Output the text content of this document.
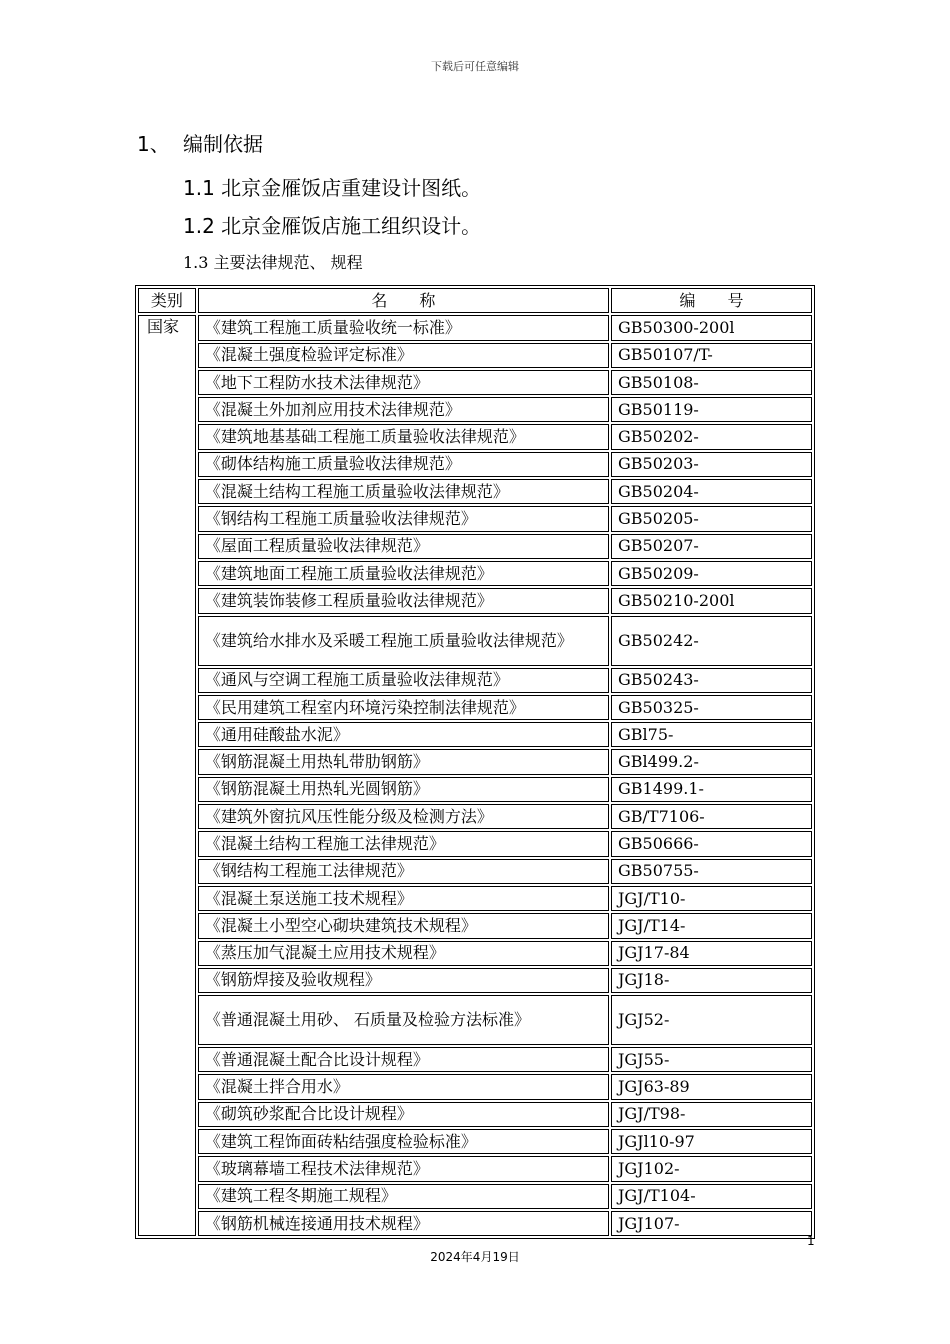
下载后可任意编辑
1、 编制依据
1.1 北京金雁饭店重建设计图纸。
1.2 北京金雁饭店施工组织设计。
1.3 主要法律规范、 规程
类别	名　　称	编　　号
国家	《建筑工程施工质量验收统一标准》	GB50300-200l
	《混凝土强度检验评定标准》	GB50107/T-
	《地下工程防水技术法律规范》	GB50108-
	《混凝土外加剂应用技术法律规范》	GB50119-
	《建筑地基基础工程施工质量验收法律规范》	GB50202-
	《砌体结构施工质量验收法律规范》	GB50203-
	《混凝土结构工程施工质量验收法律规范》	GB50204-
	《钢结构工程施工质量验收法律规范》	GB50205-
	《屋面工程质量验收法律规范》	GB50207-
	《建筑地面工程施工质量验收法律规范》	GB50209-
	《建筑装饰装修工程质量验收法律规范》	GB50210-200l
	《建筑给水排水及采暖工程施工质量验收法律规范》	GB50242-
	《通风与空调工程施工质量验收法律规范》	GB50243-
	《民用建筑工程室内环境污染控制法律规范》	GB50325-
	《通用硅酸盐水泥》	GBl75-
	《钢筋混凝土用热轧带肋钢筋》	GBl499.2-
	《钢筋混凝土用热轧光圆钢筋》	GB1499.1-
	《建筑外窗抗风压性能分级及检测方法》	GB/T7106-
	《混凝土结构工程施工法律规范》	GB50666-
	《钢结构工程施工法律规范》	GB50755-
	《混凝土泵送施工技术规程》	JGJ/T10-
	《混凝土小型空心砌块建筑技术规程》	JGJ/T14-
	《蒸压加气混凝土应用技术规程》	JGJ17-84
	《钢筋焊接及验收规程》	JGJ18-
	《普通混凝土用砂、 石质量及检验方法标准》	JGJ52-
	《普通混凝土配合比设计规程》	JGJ55-
	《混凝土拌合用水》	JGJ63-89
	《砌筑砂浆配合比设计规程》	JGJ/T98-
	《建筑工程饰面砖粘结强度检验标准》	JGJl10-97
	《玻璃幕墙工程技术法律规范》	JGJ102-
	《建筑工程冬期施工规程》	JGJ/T104-
	《钢筋机械连接通用技术规程》	JGJ107-
1
2024年4月19日
